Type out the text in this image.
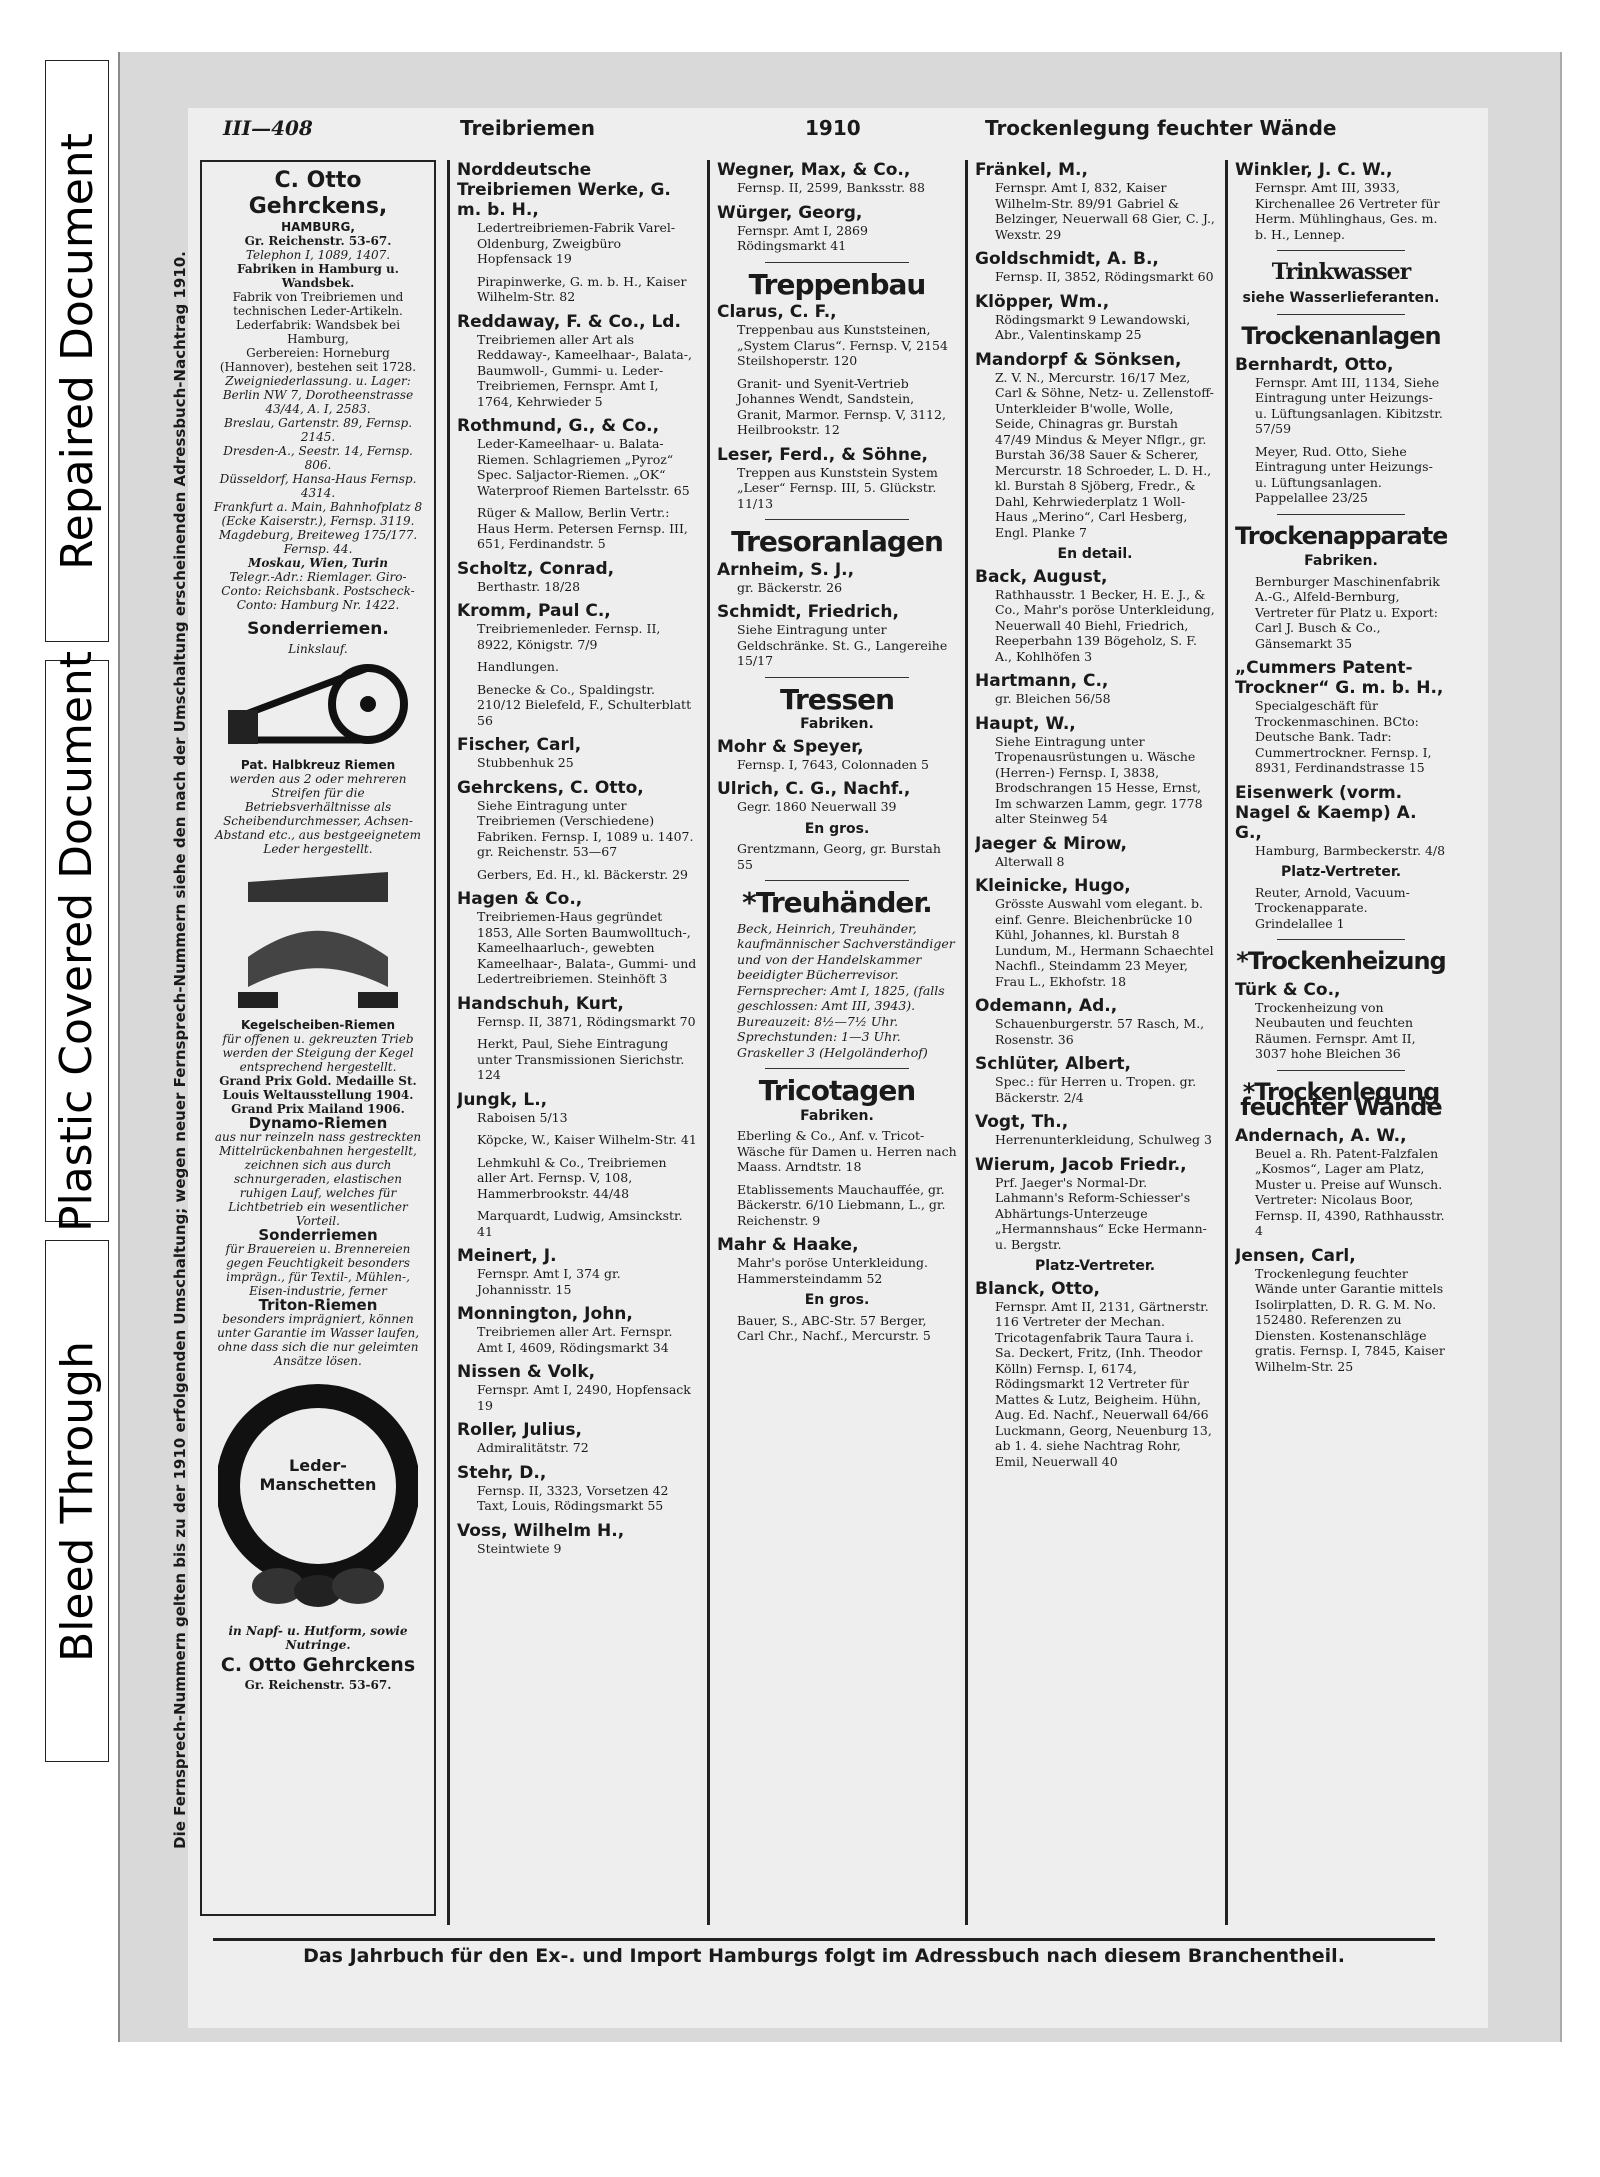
Repaired Document
Plastic Covered Document
Bleed Through
III—408	Treibriemen	1910	Trockenlegung feuchter Wände
Die Fernsprech-Nummern gelten bis zu der 1910 erfolgenden Umschaltung; wegen neuer Fernsprech-Nummern siehe den nach der Umschaltung erscheinenden Adressbuch-Nachtrag 1910.
C. Otto Gehrckens,
HAMBURG,
Gr. Reichenstr. 53-67.
Telephon I, 1089, 1407.
Fabriken in Hamburg u. Wandsbek.
Fabrik von Treibriemen und technischen Leder-Artikeln.
Lederfabrik: Wandsbek bei Hamburg,
Gerbereien: Horneburg (Hannover), bestehen seit 1728.
Zweigniederlassung. u. Lager:
Berlin NW 7, Dorotheenstrasse 43/44, A. I, 2583.
Breslau, Gartenstr. 89, Fernsp. 2145.
Dresden-A., Seestr. 14, Fernsp. 806.
Düsseldorf, Hansa-Haus Fernsp. 4314.
Frankfurt a. Main, Bahnhofplatz 8 (Ecke Kaiserstr.), Fernsp. 3119.
Magdeburg, Breiteweg 175/177. Fernsp. 44.
Moskau, Wien, Turin
Telegr.-Adr.: Riemlager. Giro-Conto: Reichsbank. Postscheck-Conto: Hamburg Nr. 1422.
Sonderriemen.
Linkslauf.
Pat. Halbkreuz Riemen
werden aus 2 oder mehreren Streifen für die Betriebsverhältnisse als Scheibendurchmesser, Achsen-Abstand etc., aus bestgeeignetem Leder hergestellt.
Kegelscheiben-Riemen
für offenen u. gekreuzten Trieb werden der Steigung der Kegel entsprechend hergestellt.
Grand Prix Gold. Medaille St. Louis Weltausstellung 1904. Grand Prix Mailand 1906.
Dynamo-Riemen
aus nur reinzeln nass gestreckten Mittelrückenbahnen hergestellt, zeichnen sich aus durch schnurgeraden, elastischen ruhigen Lauf, welches für Lichtbetrieb ein wesentlicher Vorteil.
Sonderriemen
für Brauereien u. Brennereien gegen Feuchtigkeit besonders imprägn., für Textil-, Mühlen-, Eisen-industrie, ferner
Triton-Riemen
besonders imprägniert, können unter Garantie im Wasser laufen, ohne dass sich die nur geleimten Ansätze lösen.
Leder-Manschetten
in Napf- u. Hutform, sowie Nutringe.
C. Otto Gehrckens
Gr. Reichenstr. 53-67.
Norddeutsche Treibriemen Werke, G. m. b. H.,
Ledertreibriemen-Fabrik Varel-Oldenburg, Zweigbüro Hopfensack 19
Pirapinwerke, G. m. b. H., Kaiser Wilhelm-Str. 82
Reddaway, F. & Co., Ld.
Treibriemen aller Art als Reddaway-, Kameelhaar-, Balata-, Baumwoll-, Gummi- u. Leder-Treibriemen, Fernspr. Amt I, 1764, Kehrwieder 5
Rothmund, G., & Co.,
Leder-Kameelhaar- u. Balata-Riemen. Schlagriemen „Pyroz“ Spec. Saljactor-Riemen. „OK“ Waterproof Riemen Bartelsstr. 65
Rüger & Mallow, Berlin Vertr.: Haus Herm. Petersen Fernsp. III, 651, Ferdinandstr. 5
Scholtz, Conrad,
Berthastr. 18/28
Kromm, Paul C.,
Treibriemenleder. Fernsp. II, 8922, Königstr. 7/9
Handlungen.
Benecke & Co., Spaldingstr. 210/12 Bielefeld, F., Schulterblatt 56
Fischer, Carl,
Stubbenhuk 25
Gehrckens, C. Otto,
Siehe Eintragung unter Treibriemen (Verschiedene) Fabriken. Fernsp. I, 1089 u. 1407. gr. Reichenstr. 53—67
Gerbers, Ed. H., kl. Bäckerstr. 29
Hagen & Co.,
Treibriemen-Haus gegründet 1853, Alle Sorten Baumwolltuch-, Kameelhaarluch-, gewebten Kameelhaar-, Balata-, Gummi- und Ledertreibriemen. Steinhöft 3
Handschuh, Kurt,
Fernsp. II, 3871, Rödingsmarkt 70
Herkt, Paul, Siehe Eintragung unter Transmissionen Sierichstr. 124
Jungk, L.,
Raboisen 5/13
Köpcke, W., Kaiser Wilhelm-Str. 41
Lehmkuhl & Co., Treibriemen aller Art. Fernsp. V, 108, Hammerbrookstr. 44/48
Marquardt, Ludwig, Amsinckstr. 41
Meinert, J.
Fernspr. Amt I, 374 gr. Johannisstr. 15
Monnington, John,
Treibriemen aller Art. Fernspr. Amt I, 4609, Rödingsmarkt 34
Nissen & Volk,
Fernspr. Amt I, 2490, Hopfensack 19
Roller, Julius,
Admiralitätstr. 72
Stehr, D.,
Fernsp. II, 3323, Vorsetzen 42 Taxt, Louis, Rödingsmarkt 55
Voss, Wilhelm H.,
Steintwiete 9
Wegner, Max, & Co.,
Fernsp. II, 2599, Banksstr. 88
Würger, Georg,
Fernspr. Amt I, 2869 Rödingsmarkt 41
Treppenbau
Clarus, C. F.,
Treppenbau aus Kunststeinen, „System Clarus“. Fernsp. V, 2154 Steilshoperstr. 120
Granit- und Syenit-Vertrieb Johannes Wendt, Sandstein, Granit, Marmor. Fernsp. V, 3112, Heilbrookstr. 12
Leser, Ferd., & Söhne,
Treppen aus Kunststein System „Leser“ Fernsp. III, 5. Glückstr. 11/13
Tresoranlagen
Arnheim, S. J.,
gr. Bäckerstr. 26
Schmidt, Friedrich,
Siehe Eintragung unter Geldschränke. St. G., Langereihe 15/17
Tressen
Fabriken.
Mohr & Speyer,
Fernsp. I, 7643, Colonnaden 5
Ulrich, C. G., Nachf.,
Gegr. 1860 Neuerwall 39
En gros.
Grentzmann, Georg, gr. Burstah 55
*Treuhänder.
Beck, Heinrich, Treuhänder, kaufmännischer Sachverständiger und von der Handelskammer beeidigter Bücherrevisor. Fernsprecher: Amt I, 1825, (falls geschlossen: Amt III, 3943). Bureauzeit: 8½—7½ Uhr. Sprechstunden: 1—3 Uhr. Graskeller 3 (Helgoländerhof)
Tricotagen
Fabriken.
Eberling & Co., Anf. v. Tricot-Wäsche für Damen u. Herren nach Maass. Arndtstr. 18
Etablissements Mauchauffée, gr. Bäckerstr. 6/10 Liebmann, L., gr. Reichenstr. 9
Mahr & Haake,
Mahr's poröse Unterkleidung. Hammersteindamm 52
En gros.
Bauer, S., ABC-Str. 57 Berger, Carl Chr., Nachf., Mercurstr. 5
Fränkel, M.,
Fernspr. Amt I, 832, Kaiser Wilhelm-Str. 89/91 Gabriel & Belzinger, Neuerwall 68 Gier, C. J., Wexstr. 29
Goldschmidt, A. B.,
Fernsp. II, 3852, Rödingsmarkt 60
Klöpper, Wm.,
Rödingsmarkt 9 Lewandowski, Abr., Valentinskamp 25
Mandorpf & Sönksen,
Z. V. N., Mercurstr. 16/17 Mez, Carl & Söhne, Netz- u. Zellenstoff-Unterkleider B'wolle, Wolle, Seide, Chinagras gr. Burstah 47/49 Mindus & Meyer Nflgr., gr. Burstah 36/38 Sauer & Scherer, Mercurstr. 18 Schroeder, L. D. H., kl. Burstah 8 Sjöberg, Fredr., & Dahl, Kehrwiederplatz 1 Woll-Haus „Merino“, Carl Hesberg, Engl. Planke 7
En detail.
Back, August,
Rathhausstr. 1 Becker, H. E. J., & Co., Mahr's poröse Unterkleidung, Neuerwall 40 Biehl, Friedrich, Reeperbahn 139 Bögeholz, S. F. A., Kohlhöfen 3
Hartmann, C.,
gr. Bleichen 56/58
Haupt, W.,
Siehe Eintragung unter Tropenausrüstungen u. Wäsche (Herren-) Fernsp. I, 3838, Brodschrangen 15 Hesse, Ernst, Im schwarzen Lamm, gegr. 1778 alter Steinweg 54
Jaeger & Mirow,
Alterwall 8
Kleinicke, Hugo,
Grösste Auswahl vom elegant. b. einf. Genre. Bleichenbrücke 10 Kühl, Johannes, kl. Burstah 8 Lundum, M., Hermann Schaechtel Nachfl., Steindamm 23 Meyer, Frau L., Ekhofstr. 18
Odemann, Ad.,
Schauenburgerstr. 57 Rasch, M., Rosenstr. 36
Schlüter, Albert,
Spec.: für Herren u. Tropen. gr. Bäckerstr. 2/4
Vogt, Th.,
Herrenunterkleidung, Schulweg 3
Wierum, Jacob Friedr.,
Prf. Jaeger's Normal-Dr. Lahmann's Reform-Schiesser's Abhärtungs-Unterzeuge „Hermannshaus“ Ecke Hermann- u. Bergstr.
Platz-Vertreter.
Blanck, Otto,
Fernspr. Amt II, 2131, Gärtnerstr. 116 Vertreter der Mechan. Tricotagenfabrik Taura Taura i. Sa. Deckert, Fritz, (Inh. Theodor Kölln) Fernsp. I, 6174, Rödingsmarkt 12 Vertreter für Mattes & Lutz, Beigheim. Hühn, Aug. Ed. Nachf., Neuerwall 64/66 Luckmann, Georg, Neuenburg 13, ab 1. 4. siehe Nachtrag Rohr, Emil, Neuerwall 40
Winkler, J. C. W.,
Fernspr. Amt III, 3933, Kirchenallee 26 Vertreter für Herm. Mühlinghaus, Ges. m. b. H., Lennep.
Trinkwasser
siehe Wasserlieferanten.
Trockenanlagen
Bernhardt, Otto,
Fernspr. Amt III, 1134, Siehe Eintragung unter Heizungs- u. Lüftungsanlagen. Kibitzstr. 57/59
Meyer, Rud. Otto, Siehe Eintragung unter Heizungs- u. Lüftungsanlagen. Pappelallee 23/25
Trockenapparate
Fabriken.
Bernburger Maschinenfabrik A.-G., Alfeld-Bernburg, Vertreter für Platz u. Export: Carl J. Busch & Co., Gänsemarkt 35
„Cummers Patent-Trockner“ G. m. b. H.,
Specialgeschäft für Trockenmaschinen. BCto: Deutsche Bank. Tadr: Cummertrockner. Fernsp. I, 8931, Ferdinandstrasse 15
Eisenwerk (vorm. Nagel & Kaemp) A. G.,
Hamburg, Barmbeckerstr. 4/8
Platz-Vertreter.
Reuter, Arnold, Vacuum-Trockenapparate. Grindelallee 1
*Trockenheizung
Türk & Co.,
Trockenheizung von Neubauten und feuchten Räumen. Fernspr. Amt II, 3037 hohe Bleichen 36
*Trockenlegung feuchter Wände
Andernach, A. W.,
Beuel a. Rh. Patent-Falzfalen „Kosmos“, Lager am Platz, Muster u. Preise auf Wunsch. Vertreter: Nicolaus Boor, Fernsp. II, 4390, Rathhausstr. 4
Jensen, Carl,
Trockenlegung feuchter Wände unter Garantie mittels Isolirplatten, D. R. G. M. No. 152480. Referenzen zu Diensten. Kostenanschläge gratis. Fernsp. I, 7845, Kaiser Wilhelm-Str. 25
Das Jahrbuch für den Ex-. und Import Hamburgs folgt im Adressbuch nach diesem Branchentheil.
